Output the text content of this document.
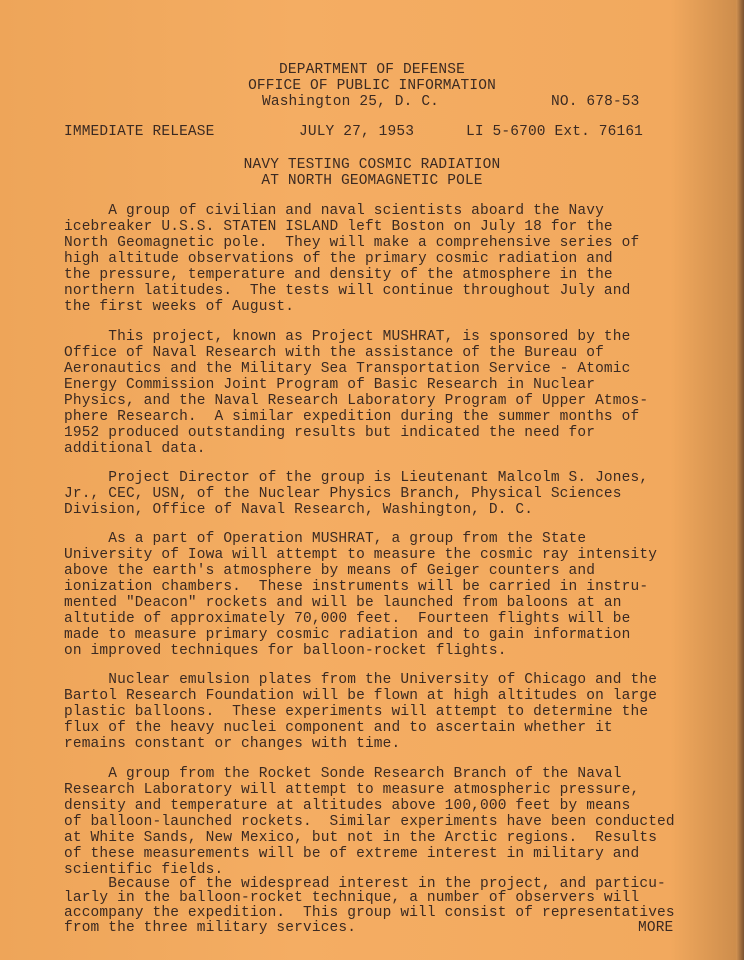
DEPARTMENT OF DEFENSE
OFFICE OF PUBLIC INFORMATION
Washington 25, D. C.	NO. 678-53
IMMEDIATE RELEASE	JULY 27, 1953	LI 5-6700 Ext. 76161
NAVY TESTING COSMIC RADIATION
AT NORTH GEOMAGNETIC POLE
A group of civilian and naval scientists aboard the Navy
icebreaker U.S.S. STATEN ISLAND left Boston on July 18 for the
North Geomagnetic pole.  They will make a comprehensive series of
high altitude observations of the primary cosmic radiation and
the pressure, temperature and density of the atmosphere in the
northern latitudes.  The tests will continue throughout July and
the first weeks of August.
This project, known as Project MUSHRAT, is sponsored by the
Office of Naval Research with the assistance of the Bureau of
Aeronautics and the Military Sea Transportation Service - Atomic
Energy Commission Joint Program of Basic Research in Nuclear
Physics, and the Naval Research Laboratory Program of Upper Atmos-
phere Research.  A similar expedition during the summer months of
1952 produced outstanding results but indicated the need for
additional data.
Project Director of the group is Lieutenant Malcolm S. Jones,
Jr., CEC, USN, of the Nuclear Physics Branch, Physical Sciences
Division, Office of Naval Research, Washington, D. C.
As a part of Operation MUSHRAT, a group from the State
University of Iowa will attempt to measure the cosmic ray intensity
above the earth's atmosphere by means of Geiger counters and
ionization chambers.  These instruments will be carried in instru-
mented "Deacon" rockets and will be launched from baloons at an
altutide of approximately 70,000 feet.  Fourteen flights will be
made to measure primary cosmic radiation and to gain information
on improved techniques for balloon-rocket flights.
Nuclear emulsion plates from the University of Chicago and the
Bartol Research Foundation will be flown at high altitudes on large
plastic balloons.  These experiments will attempt to determine the
flux of the heavy nuclei component and to ascertain whether it
remains constant or changes with time.
A group from the Rocket Sonde Research Branch of the Naval
Research Laboratory will attempt to measure atmospheric pressure,
density and temperature at altitudes above 100,000 feet by means
of balloon-launched rockets.  Similar experiments have been conducted
at White Sands, New Mexico, but not in the Arctic regions.  Results
of these measurements will be of extreme interest in military and
scientific fields.
Because of the widespread interest in the project, and particu-
larly in the balloon-rocket technique, a number of observers will
accompany the expedition.  This group will consist of representatives
from the three military services.	MORE
